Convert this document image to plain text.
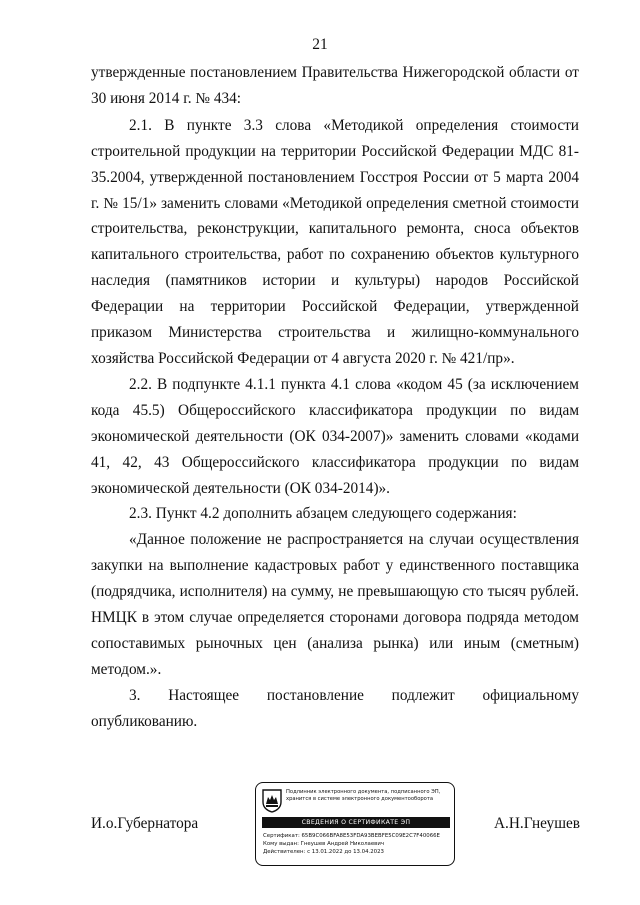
21

утвержденные постановлением Правительства Нижегородской области от 30 июня 2014 г. № 434:

2.1. В пункте 3.3 слова «Методикой определения стоимости строительной продукции на территории Российской Федерации МДС 81-35.2004, утвержденной постановлением Госстроя России от 5 марта 2004 г. № 15/1» заменить словами «Методикой определения сметной стоимости строительства, реконструкции, капитального ремонта, сноса объектов капитального строительства, работ по сохранению объектов культурного наследия (памятников истории и культуры) народов Российской Федерации на территории Российской Федерации, утвержденной приказом Министерства строительства и жилищно-коммунального хозяйства Российской Федерации от 4 августа 2020 г. № 421/пр».

2.2. В подпункте 4.1.1 пункта 4.1 слова «кодом 45 (за исключением кода 45.5) Общероссийского классификатора продукции по видам экономической деятельности (ОК 034-2007)» заменить словами «кодами 41, 42, 43 Общероссийского классификатора продукции по видам экономической деятельности (ОК 034-2014)».

2.3. Пункт 4.2 дополнить абзацем следующего содержания:

«Данное положение не распространяется на случаи осуществления закупки на выполнение кадастровых работ у единственного поставщика (подрядчика, исполнителя) на сумму, не превышающую сто тысяч рублей. НМЦК в этом случае определяется сторонами договора подряда методом сопоставимых рыночных цен (анализа рынка) или иным (сметным) методом.».

3. Настоящее постановление подлежит официальному опубликованию.

И.о.Губернатора	А.Н.Гнеушев
Подлинник электронного документа, подписанного ЭП, хранится в системе электронного документооборота
СВЕДЕНИЯ О СЕРТИФИКАТЕ ЭП
Сертификат: 65B9C066BFA8E53FDA93BEBFE5C09E2C7F40066E
Кому выдан: Гнеушев Андрей Николаевич
Действителен: с 13.01.2022 до 13.04.2023
